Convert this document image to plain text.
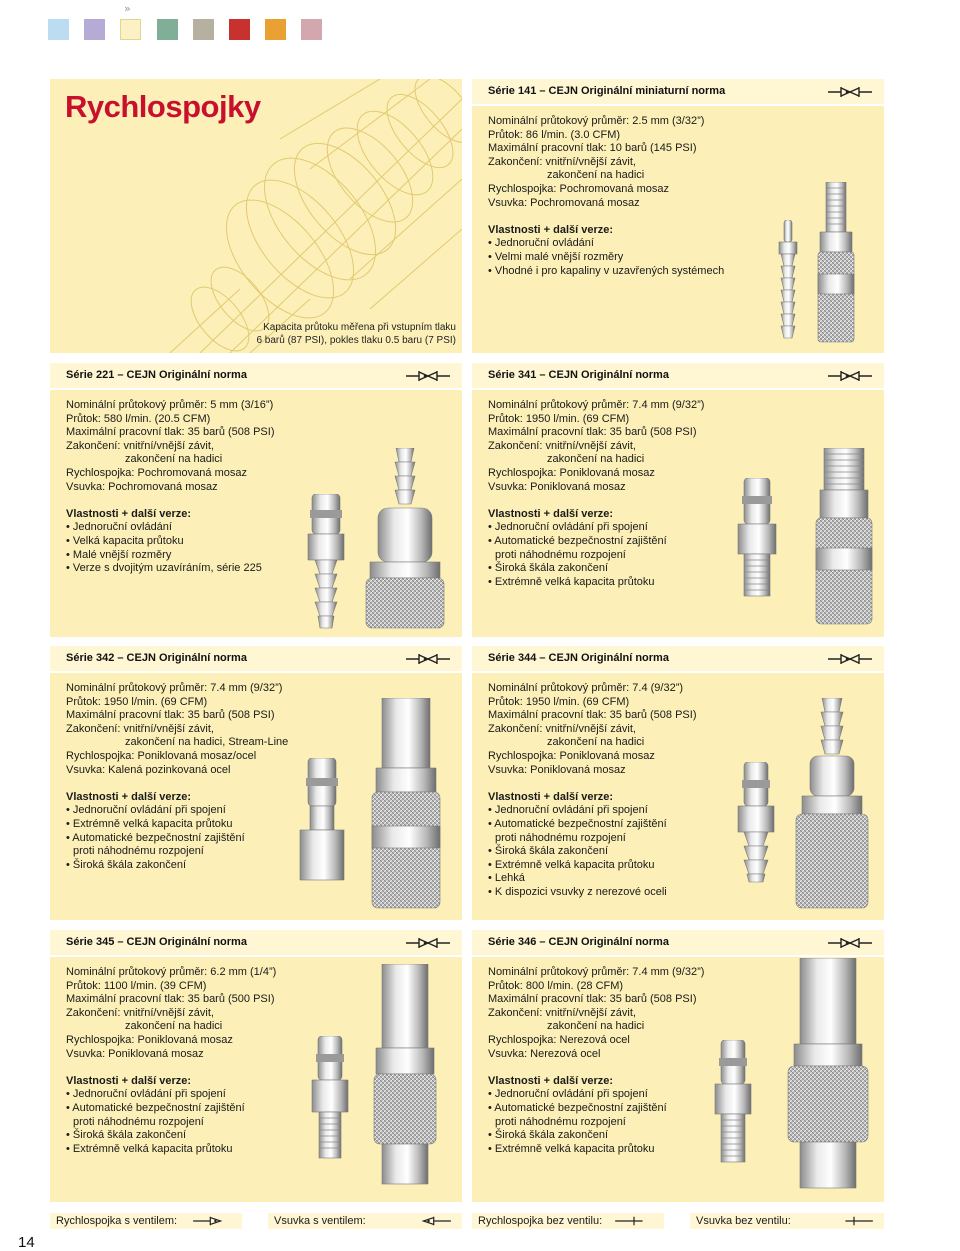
»
Rychlospojky
Kapacita průtoku měřena při vstupním tlaku
6 barů (87 PSI), pokles tlaku 0.5 baru (7 PSI)
Série 141 – CEJN Originální miniaturní norma

Nominální průtokový průměr: 2.5 mm (3/32”)

Průtok: 86 l/min. (3.0 CFM)

Maximální pracovní tlak: 10 barů (145 PSI)

Zakončení: vnitřní/vnější závit,

zakončení na hadici

Rychlospojka: Pochromovaná mosaz

Vsuvka: Pochromovaná mosaz

Vlastnosti + další verze:

• Jednoruční ovládání

• Velmi malé vnější rozměry

• Vhodné i pro kapaliny v uzavřených systémech

Série 221 – CEJN Originální norma

Nominální průtokový průměr: 5 mm (3/16”)

Průtok: 580 l/min. (20.5 CFM)

Maximální pracovní tlak: 35 barů (508 PSI)

Zakončení: vnitřní/vnější závit,

zakončení na hadici

Rychlospojka: Pochromovaná mosaz

Vsuvka: Pochromovaná mosaz

Vlastnosti + další verze:

• Jednoruční ovládání

• Velká kapacita průtoku

• Malé vnější rozměry

• Verze s dvojitým uzavíráním, série 225

Série 341 – CEJN Originální norma

Nominální průtokový průměr: 7.4 mm (9/32”)

Průtok: 1950 l/min. (69 CFM)

Maximální pracovní tlak: 35 barů (508 PSI)

Zakončení: vnitřní/vnější závit,

zakončení na hadici

Rychlospojka: Poniklovaná mosaz

Vsuvka: Poniklovaná mosaz

Vlastnosti + další verze:

• Jednoruční ovládání při spojení

• Automatické bezpečnostní zajištění

proti náhodnému rozpojení

• Široká škála zakončení

• Extrémně velká kapacita průtoku

Série 342 – CEJN Originální norma

Nominální průtokový průměr: 7.4 mm (9/32”)

Průtok: 1950 l/min. (69 CFM)

Maximální pracovní tlak: 35 barů (508 PSI)

Zakončení: vnitřní/vnější závit,

zakončení na hadici, Stream-Line

Rychlospojka: Poniklovaná mosaz/ocel

Vsuvka: Kalená pozinkovaná ocel

Vlastnosti + další verze:

• Jednoruční ovládání při spojení

• Extrémně velká kapacita průtoku

• Automatické bezpečnostní zajištění

proti náhodnému rozpojení

• Široká škála zakončení

Série 344 – CEJN Originální norma

Nominální průtokový průměr: 7.4 (9/32”)

Průtok: 1950 l/min. (69 CFM)

Maximální pracovní tlak: 35 barů (508 PSI)

Zakončení: vnitřní/vnější závit,

zakončení na hadici

Rychlospojka: Poniklovaná mosaz

Vsuvka: Poniklovaná mosaz

Vlastnosti + další verze:

• Jednoruční ovládání při spojení

• Automatické bezpečnostní zajištění

proti náhodnému rozpojení

• Široká škála zakončení

• Extrémně velká kapacita průtoku

• Lehká

• K dispozici vsuvky z nerezové oceli

Série 345 – CEJN Originální norma

Nominální průtokový průměr: 6.2 mm (1/4”)

Průtok: 1100 l/min. (39 CFM)

Maximální pracovní tlak: 35 barů (500 PSI)

Zakončení: vnitřní/vnější závit,

zakončení na hadici

Rychlospojka: Poniklovaná mosaz

Vsuvka: Poniklovaná mosaz

Vlastnosti + další verze:

• Jednoruční ovládání při spojení

• Automatické bezpečnostní zajištění

proti náhodnému rozpojení

• Široká škála zakončení

• Extrémně velká kapacita průtoku

Série 346 – CEJN Originální norma

Nominální průtokový průměr: 7.4 mm (9/32”)

Průtok: 800 l/min. (28 CFM)

Maximální pracovní tlak: 35 barů (508 PSI)

Zakončení: vnitřní/vnější závit,

zakončení na hadici

Rychlospojka: Nerezová ocel

Vsuvka: Nerezová ocel

Vlastnosti + další verze:

• Jednoruční ovládání při spojení

• Automatické bezpečnostní zajištění

proti náhodnému rozpojení

• Široká škála zakončení

• Extrémně velká kapacita průtoku

Rychlospojka s ventilem:	Vsuvka s ventilem:	Rychlospojka bez ventilu:	Vsuvka bez ventilu:
14
